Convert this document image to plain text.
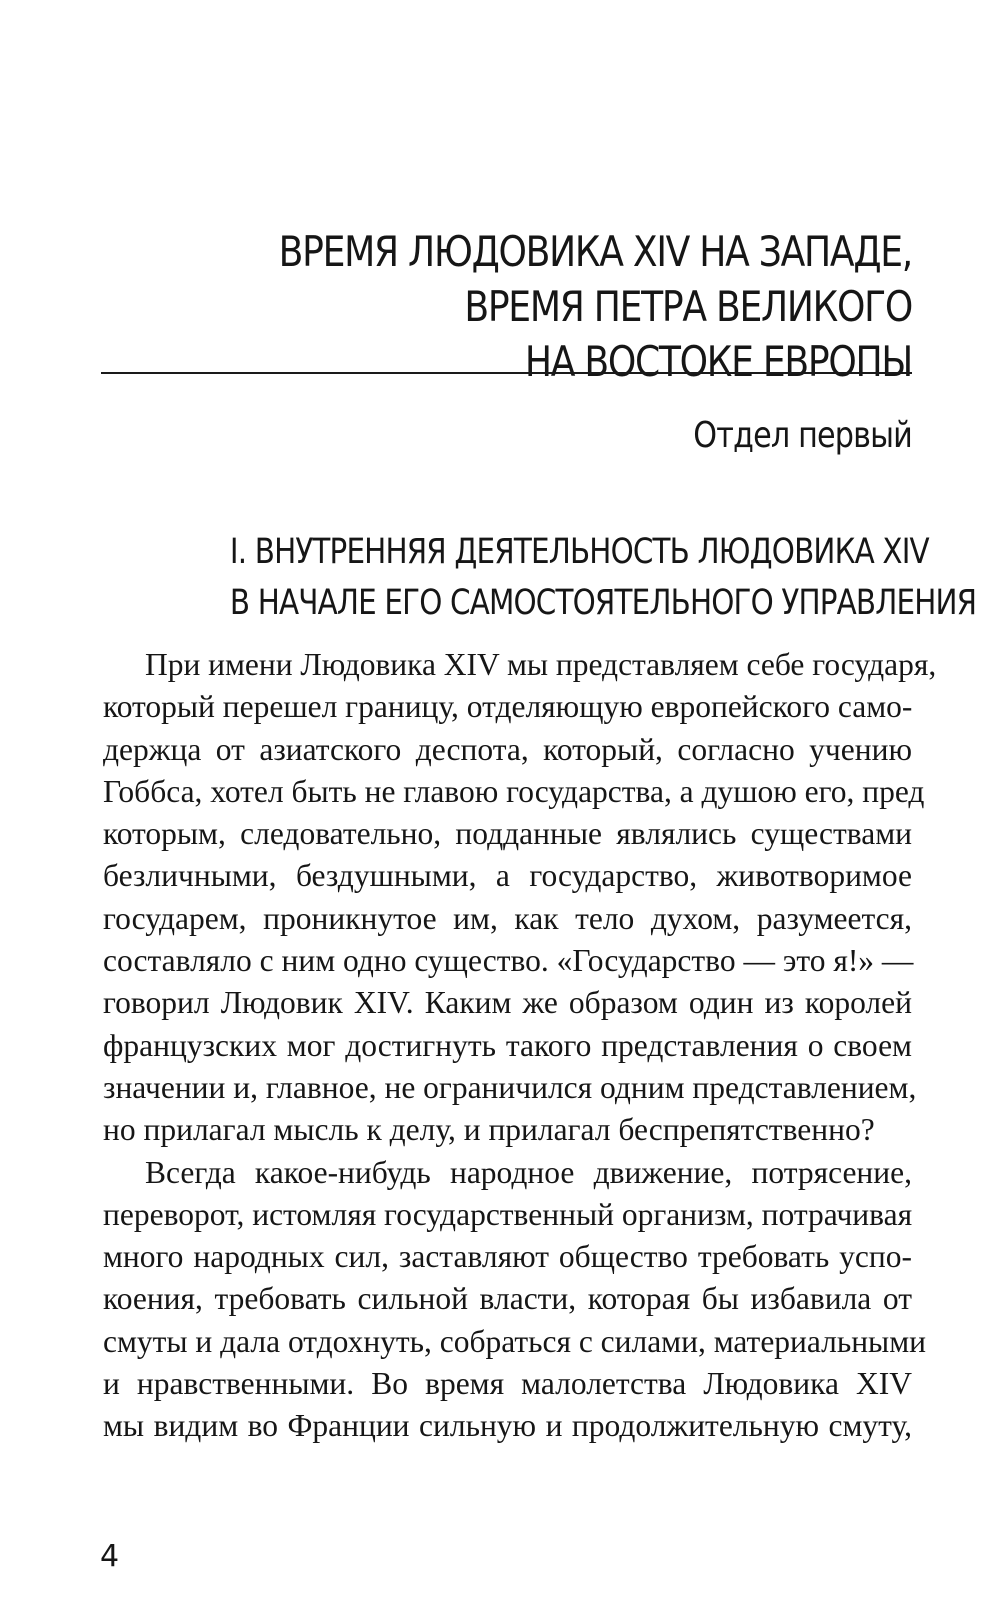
ВРЕМЯ ЛЮДОВИКА XIV НА ЗАПАДЕ,
ВРЕМЯ ПЕТРА ВЕЛИКОГО
НА ВОСТОКЕ ЕВРОПЫ
Отдел первый
I. ВНУТРЕННЯЯ ДЕЯТЕЛЬНОСТЬ ЛЮДОВИКА XIV
В НАЧАЛЕ ЕГО САМОСТОЯТЕЛЬНОГО УПРАВЛЕНИЯ
При имени Людовика XIV мы представляем себе государя,
который перешел границу, отделяющую европейского само-
держца от азиатского деспота, который, согласно учению
Гоббса, хотел быть не главою государства, а душою его, пред
которым, следовательно, подданные являлись существами
безличными, бездушными, а государство, животворимое
государем, проникнутое им, как тело духом, разумеется,
составляло с ним одно существо. «Государство — это я!» —
говорил Людовик XIV. Каким же образом один из королей
французских мог достигнуть такого представления о своем
значении и, главное, не ограничился одним представлением,
но прилагал мысль к делу, и прилагал беспрепятственно?
Всегда какое-нибудь народное движение, потрясение,
переворот, истомляя государственный организм, потрачивая
много народных сил, заставляют общество требовать успо-
коения, требовать сильной власти, которая бы избавила от
смуты и дала отдохнуть, собраться с силами, материальными
и нравственными. Во время малолетства Людовика XIV
мы видим во Франции сильную и продолжительную смуту,
4
